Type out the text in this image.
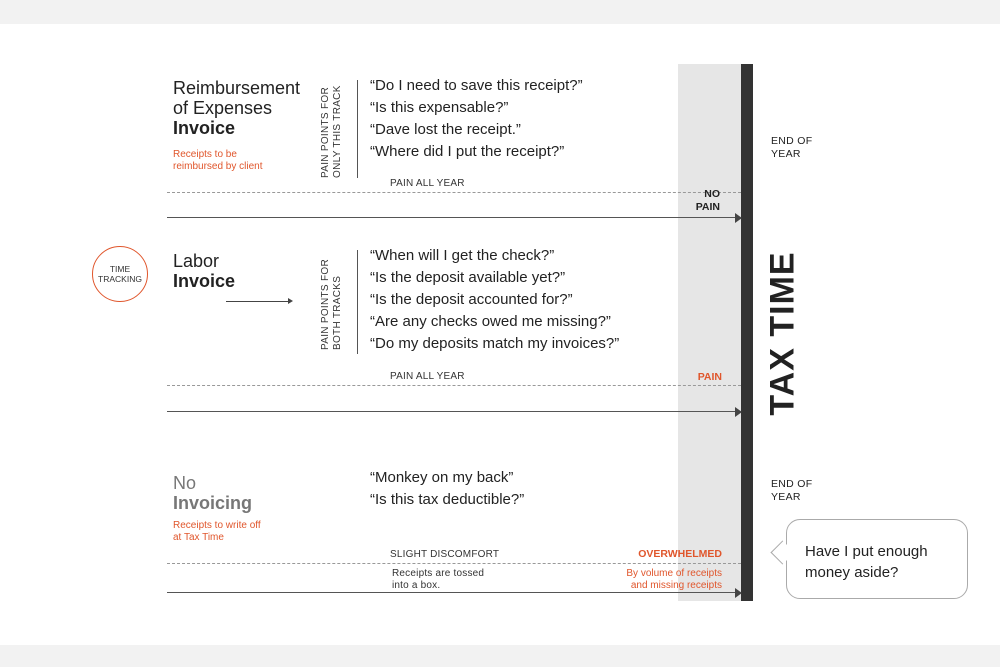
Reimbursement
of Expenses
Invoice
Receipts to be
reimbursed by client	PAIN POINTS FOR ONLY THIS TRACK “Do I need to save this receipt?”
“Is this expensable?”
“Dave lost the receipt.”
“Where did I put the receipt?”
PAIN ALL YEAR
NO
PAIN
TIME
TRACKING
Labor
Invoice	PAIN POINTS FOR BOTH TRACKS
“When will I get the check?”
“Is the deposit available yet?”
“Is the deposit accounted for?”
“Are any checks owed me missing?”
“Do my deposits match my invoices?”
PAIN ALL YEAR	PAIN
No
Invoicing
Receipts to write off
at Tax Time
“Monkey on my back”
“Is this tax deductible?”
SLIGHT DISCOMFORT	OVERWHELMED
Receipts are tossed
into a box.
By volume of receipts
and missing receipts
END OF
YEAR
END OF
YEAR
TAX TIME
Have I put enough
money aside?
